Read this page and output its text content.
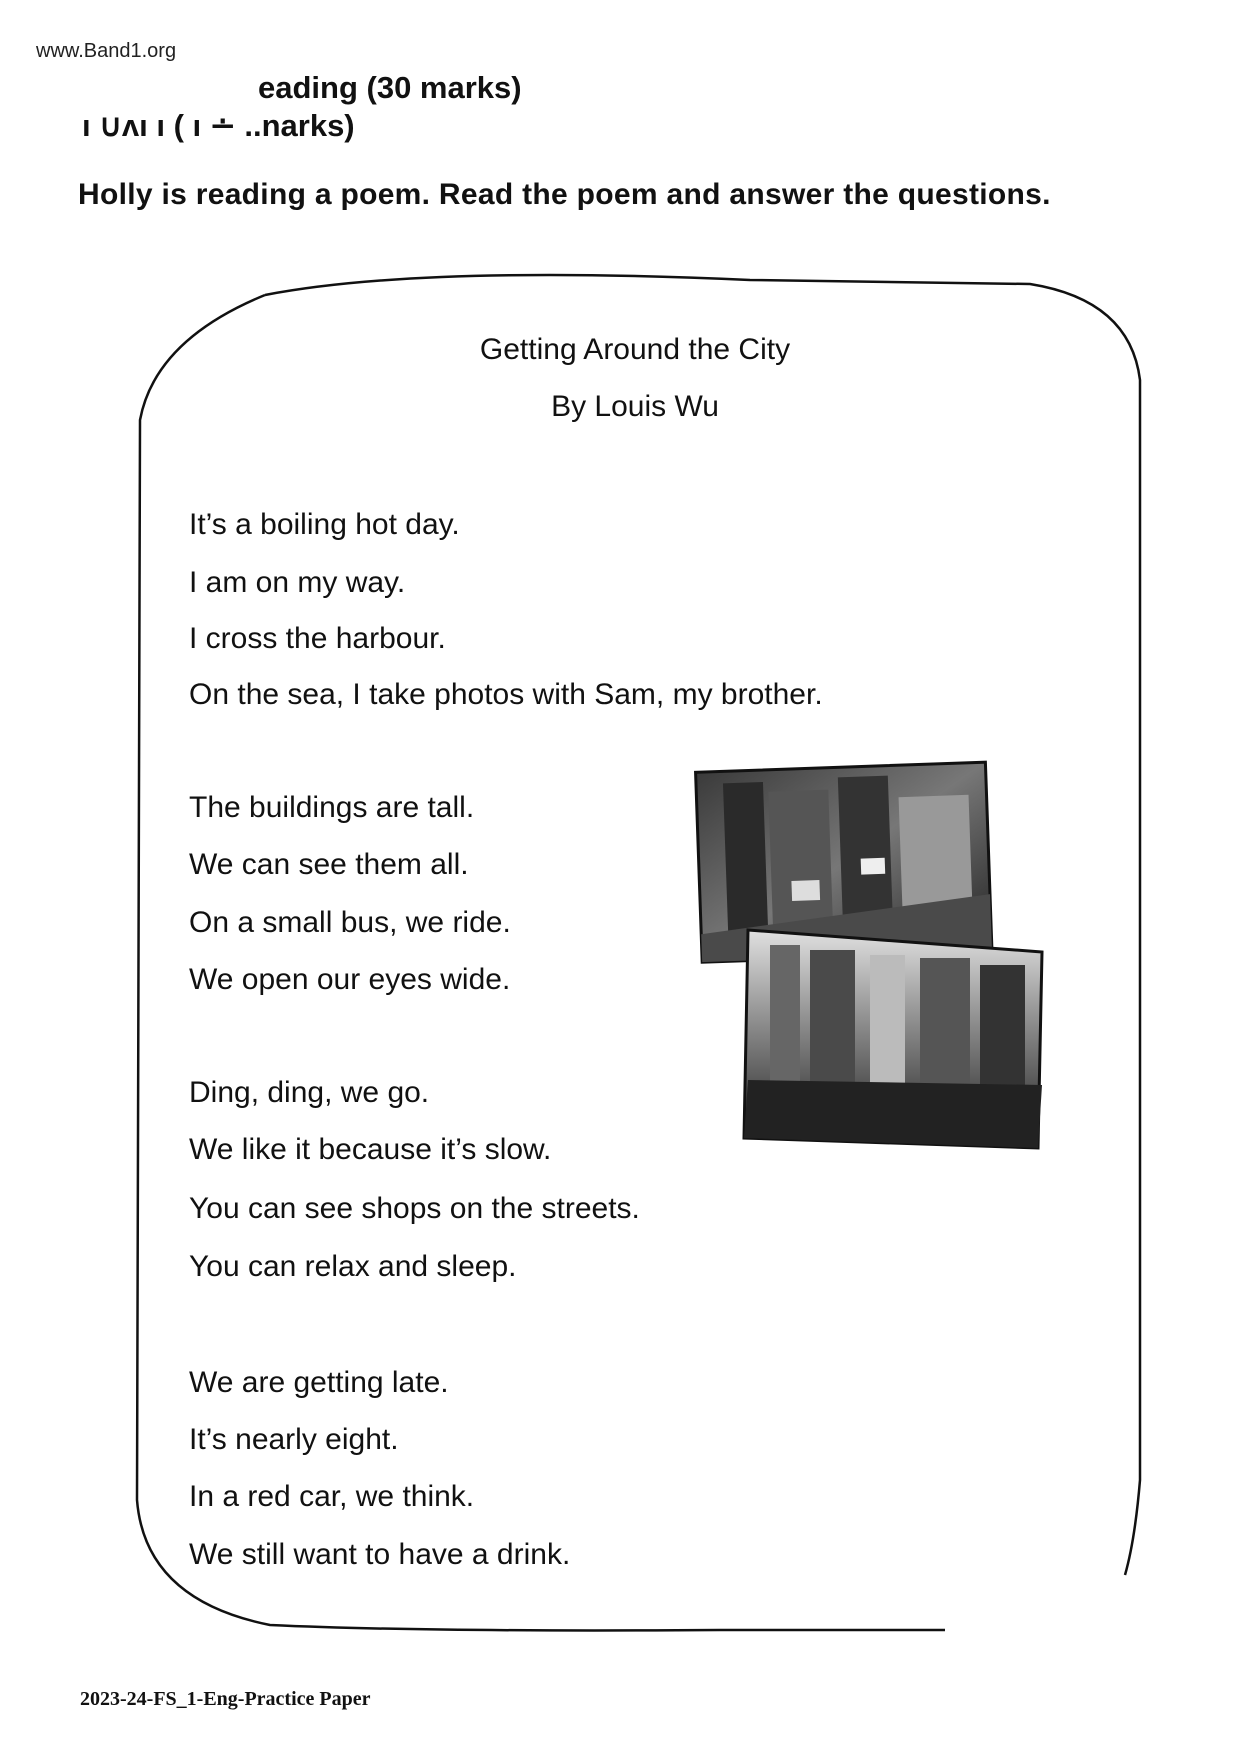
www.Band1.org
eading (30 marks)
ı ∪ʌı ı ( ı ∸ ..narks)
Holly is reading a poem. Read the poem and answer the questions.
Getting Around the City
By Louis Wu
It’s a boiling hot day.
I am on my way.
I cross the harbour.
On the sea, I take photos with Sam, my brother.
The buildings are tall.
We can see them all.
On a small bus, we ride.
We open our eyes wide.
Ding, ding, we go.
We like it because it’s slow.
You can see shops on the streets.
You can relax and sleep.
We are getting late.
It’s nearly eight.
In a red car, we think.
We still want to have a drink.
2023-24-FS_1-Eng-Practice Paper
